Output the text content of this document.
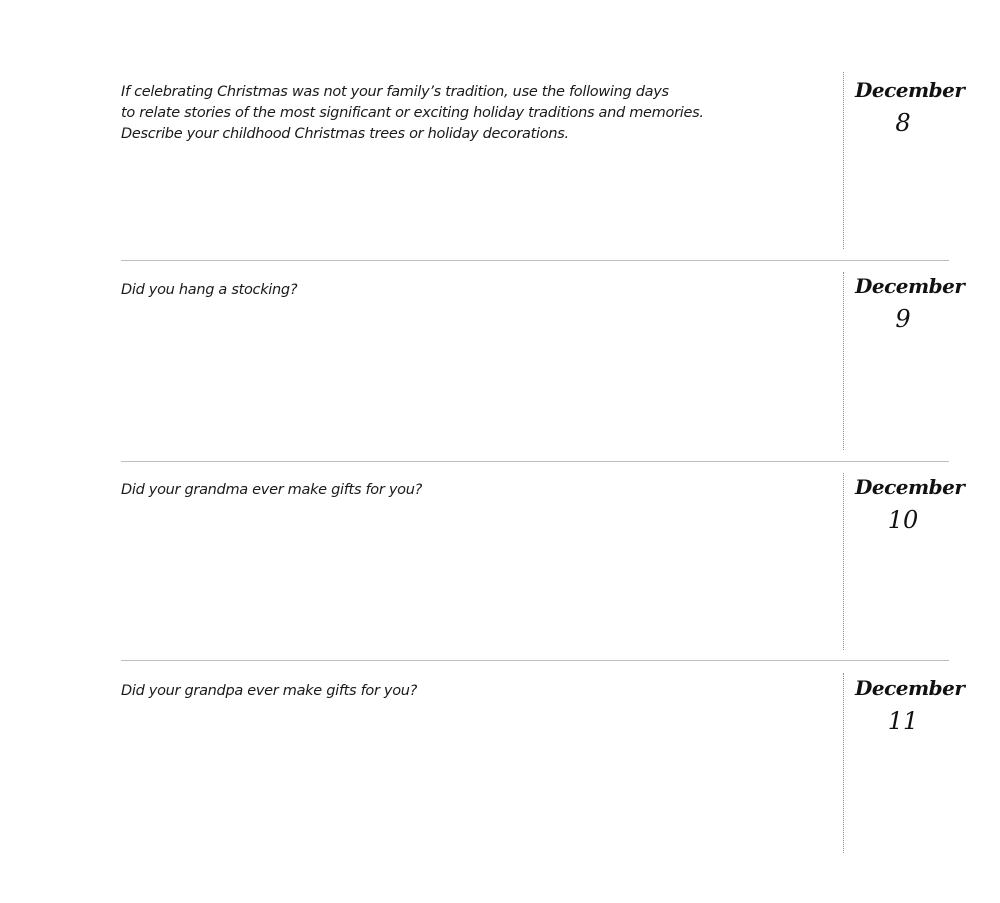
If celebrating Christmas was not your family’s tradition, use the following days
to relate stories of the most significant or exciting holiday traditions and memories.
Describe your childhood Christmas trees or holiday decorations.

December
8

Did you hang a stocking?	December
9

Did your grandma ever make gifts for you?	December
10

Did your grandpa ever make gifts for you?	December
11
